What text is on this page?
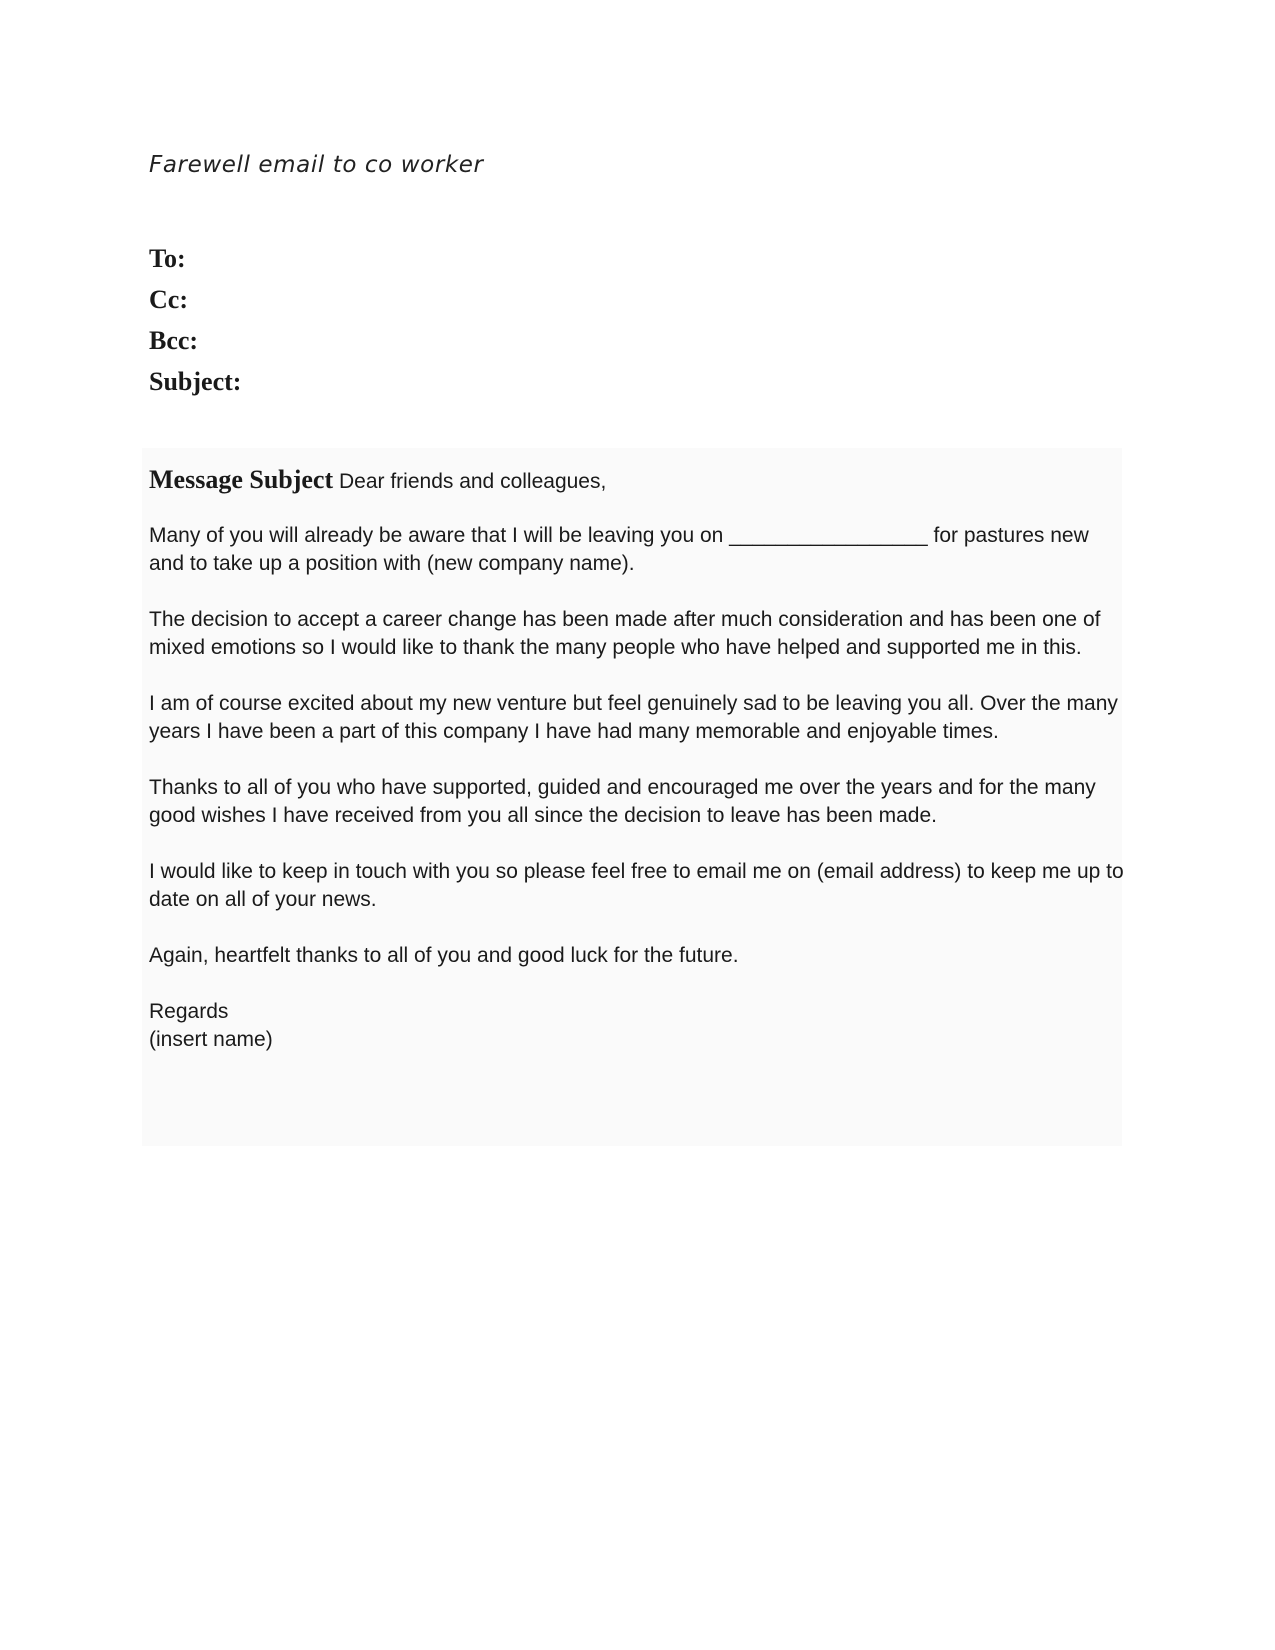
Farewell email to co worker
To:
Cc:
Bcc:
Subject:

Message Subject Dear friends and colleagues,

Many of you will already be aware that I will be leaving you on _________________ for pastures new and to take up a position with (new company name).

The decision to accept a career change has been made after much consideration and has been one of mixed emotions so I would like to thank the many people who have helped and supported me in this.

I am of course excited about my new venture but feel genuinely sad to be leaving you all. Over the many years I have been a part of this company I have had many memorable and enjoyable times.

Thanks to all of you who have supported, guided and encouraged me over the years and for the many good wishes I have received from you all since the decision to leave has been made.

I would like to keep in touch with you so please feel free to email me on (email address) to keep me up to date on all of your news.

Again, heartfelt thanks to all of you and good luck for the future.

Regards

(insert name)
